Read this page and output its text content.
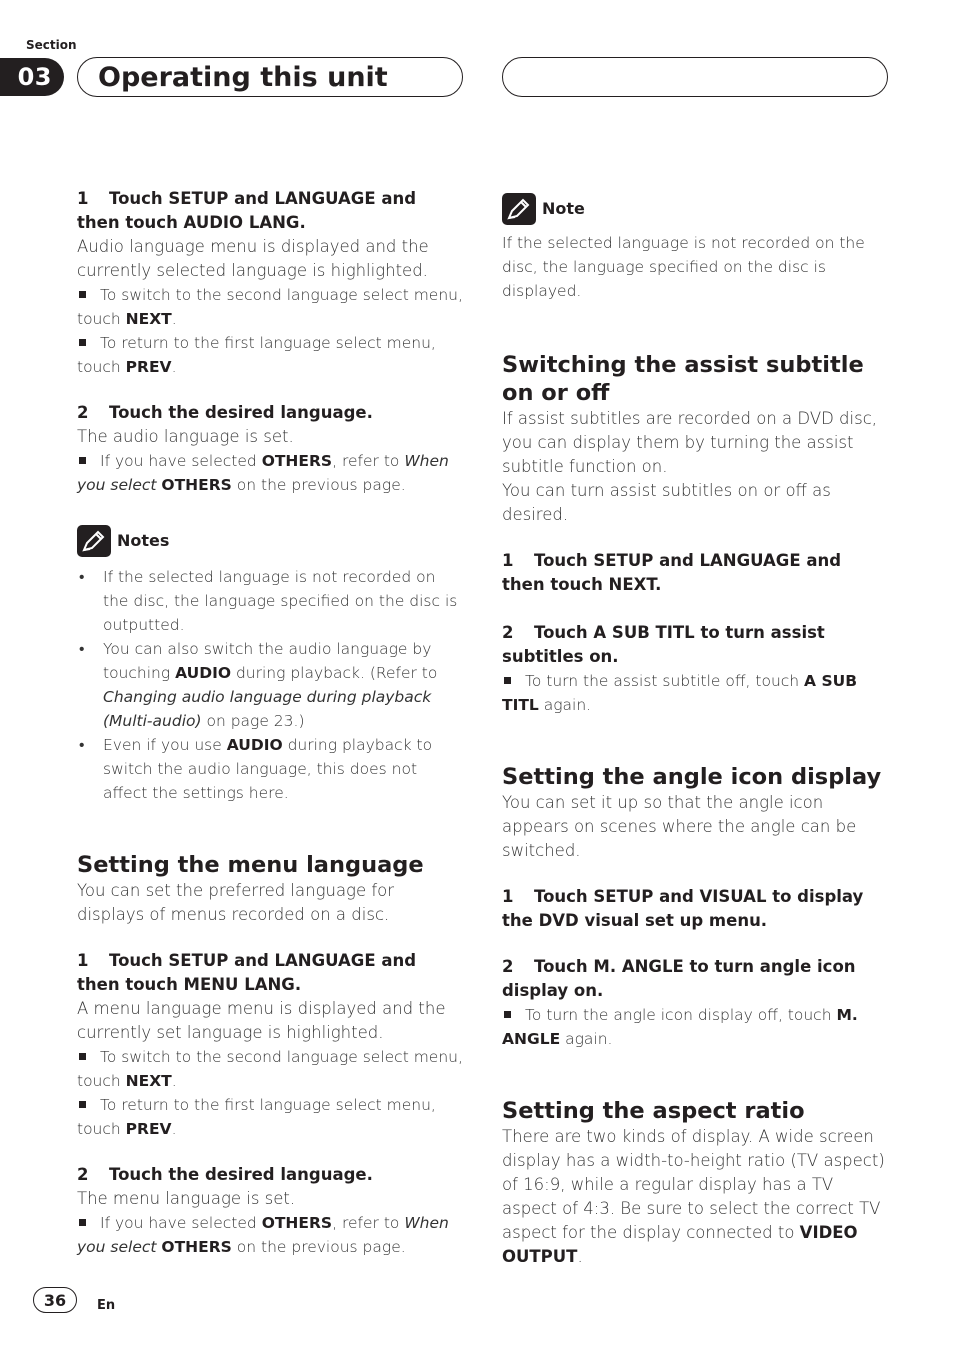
Section
03	Operating this unit

1 Touch SETUP and LANGUAGE and then touch AUDIO LANG.

Audio language menu is displayed and the currently selected language is highlighted.

To switch to the second language select menu, touch NEXT.

To return to the first language select menu, touch PREV.

2 Touch the desired language.

The audio language is set.

If you have selected OTHERS, refer to When you select OTHERS on the previous page.

Notes
• If the selected language is not recorded on the disc, the language specified on the disc is outputted.
• You can also switch the audio language by touching AUDIO during playback. (Refer to Changing audio language during playback (Multi-audio) on page 23.)
• Even if you use AUDIO during playback to switch the audio language, this does not affect the settings here.
Setting the menu language

You can set the preferred language for displays of menus recorded on a disc.

1 Touch SETUP and LANGUAGE and then touch MENU LANG.

A menu language menu is displayed and the currently set language is highlighted.

To switch to the second language select menu, touch NEXT.

To return to the first language select menu, touch PREV.

2 Touch the desired language.

The menu language is set.

If you have selected OTHERS, refer to When you select OTHERS on the previous page.

Note

If the selected language is not recorded on the disc, the language specified on the disc is displayed.

Switching the assist subtitle on or off

If assist subtitles are recorded on a DVD disc, you can display them by turning the assist subtitle function on.

You can turn assist subtitles on or off as desired.

1 Touch SETUP and LANGUAGE and then touch NEXT.

2 Touch A SUB TITL to turn assist subtitles on.

To turn the assist subtitle off, touch A SUB TITL again.

Setting the angle icon display

You can set it up so that the angle icon appears on scenes where the angle can be switched.

1 Touch SETUP and VISUAL to display the DVD visual set up menu.

2 Touch M. ANGLE to turn angle icon display on.

To turn the angle icon display off, touch M. ANGLE again.

Setting the aspect ratio

There are two kinds of display. A wide screen display has a width-to-height ratio (TV aspect) of 16:9, while a regular display has a TV aspect of 4:3. Be sure to select the correct TV aspect for the display connected to VIDEO OUTPUT.

36	En
